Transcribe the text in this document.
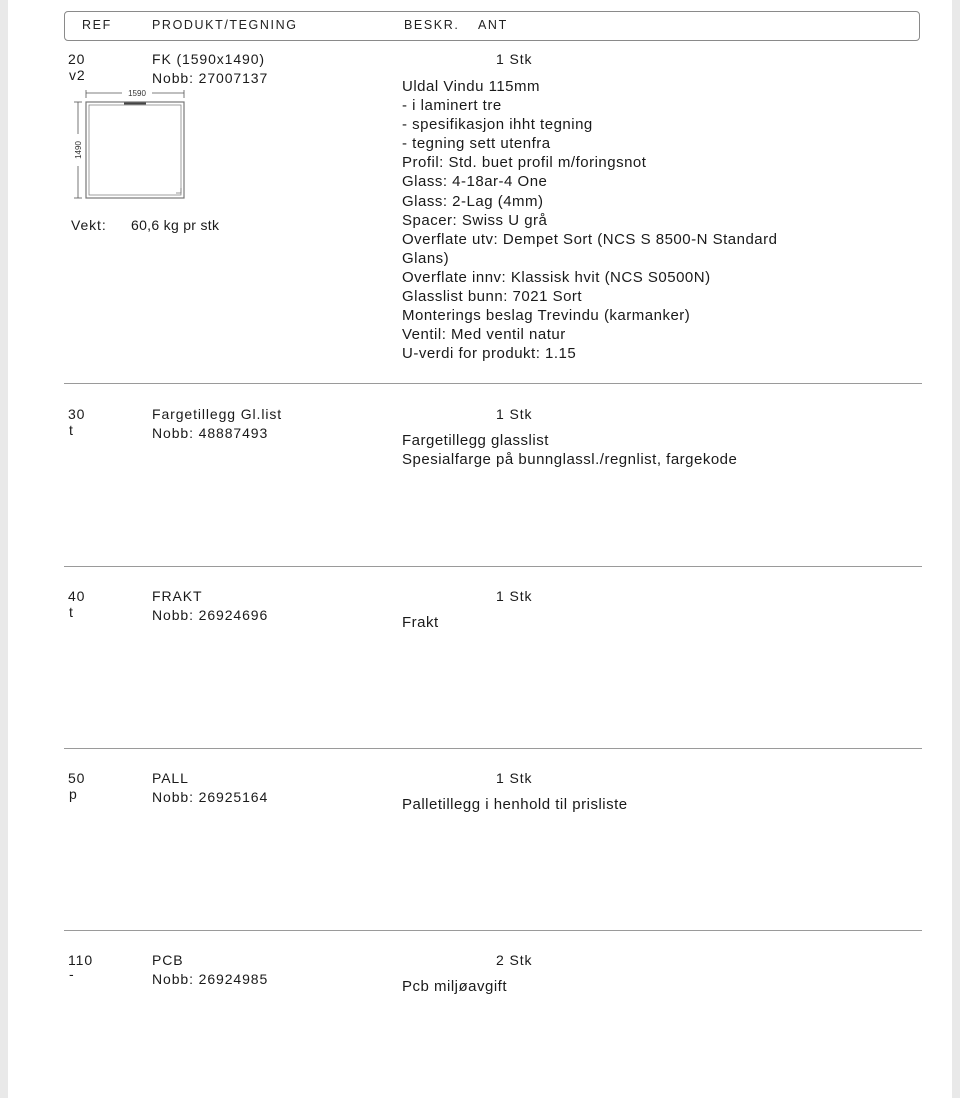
REF	PRODUKT/TEGNING	BESKR. ANT
20
v2
FK (1590x1490)
Nobb: 27007137
1 Stk
1590
1490
Vekt: 60,6 kg pr stk
Uldal Vindu 115mm
- i laminert tre
- spesifikasjon ihht tegning
- tegning sett utenfra
Profil: Std. buet profil m/foringsnot
Glass: 4-18ar-4 One
Glass: 2-Lag (4mm)
Spacer: Swiss U grå
Overflate utv: Dempet Sort (NCS S 8500-N Standard
Glans)
Overflate innv: Klassisk hvit (NCS S0500N)
Glasslist bunn: 7021 Sort
Monterings beslag Trevindu (karmanker)
Ventil: Med ventil natur
U-verdi for produkt: 1.15
30
t
Fargetillegg Gl.list
Nobb: 48887493
1 Stk
Fargetillegg glasslist
Spesialfarge på bunnglassl./regnlist, fargekode
40
t
FRAKT
Nobb: 26924696
1 Stk
Frakt
50
p
PALL
Nobb: 26925164
1 Stk
Palletillegg i henhold til prisliste
110
-
PCB
Nobb: 26924985
2 Stk
Pcb miljøavgift
